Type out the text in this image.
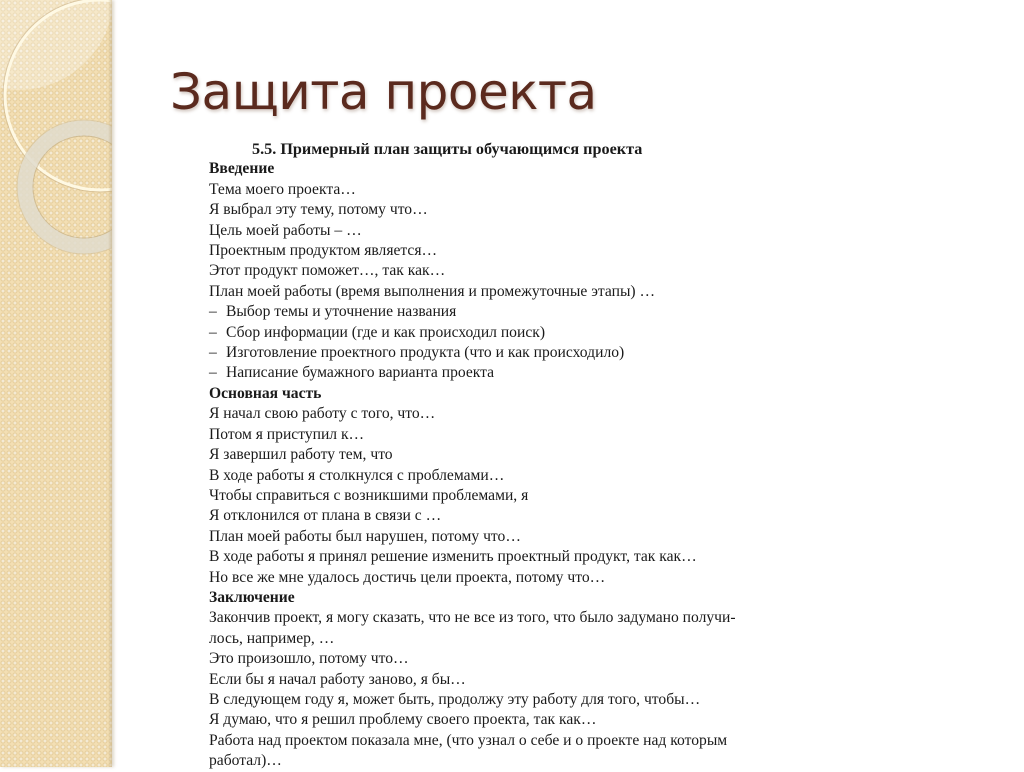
Защита проекта
5.5. Примерный план защиты обучающимся проекта
Введение
Тема моего проекта…
Я выбрал эту тему, потому что…
Цель моей работы – …
Проектным продуктом является…
Этот продукт поможет…, так как…
План моей работы (время выполнения и промежуточные этапы) …
– Выбор темы и уточнение названия
– Сбор информации (где и как происходил поиск)
– Изготовление проектного продукта (что и как происходило)
– Написание бумажного варианта проекта
Основная часть
Я начал свою работу с того, что…
Потом я приступил к…
Я завершил работу тем, что
В ходе работы я столкнулся с проблемами…
Чтобы справиться с возникшими проблемами, я
Я отклонился от плана в связи с …
План моей работы был нарушен, потому что…
В ходе работы я принял решение изменить проектный продукт, так как…
Но все же мне удалось достичь цели проекта, потому что…
Заключение
Закончив проект, я могу сказать, что не все из того, что было задумано получи-
лось, например, …
Это произошло, потому что…
Если бы я начал работу заново, я бы…
В следующем году я, может быть, продолжу эту работу для того, чтобы…
Я думаю, что я решил проблему своего проекта, так как…
Работа над проектом показала мне, (что узнал о себе и о проекте над которым
работал)…
